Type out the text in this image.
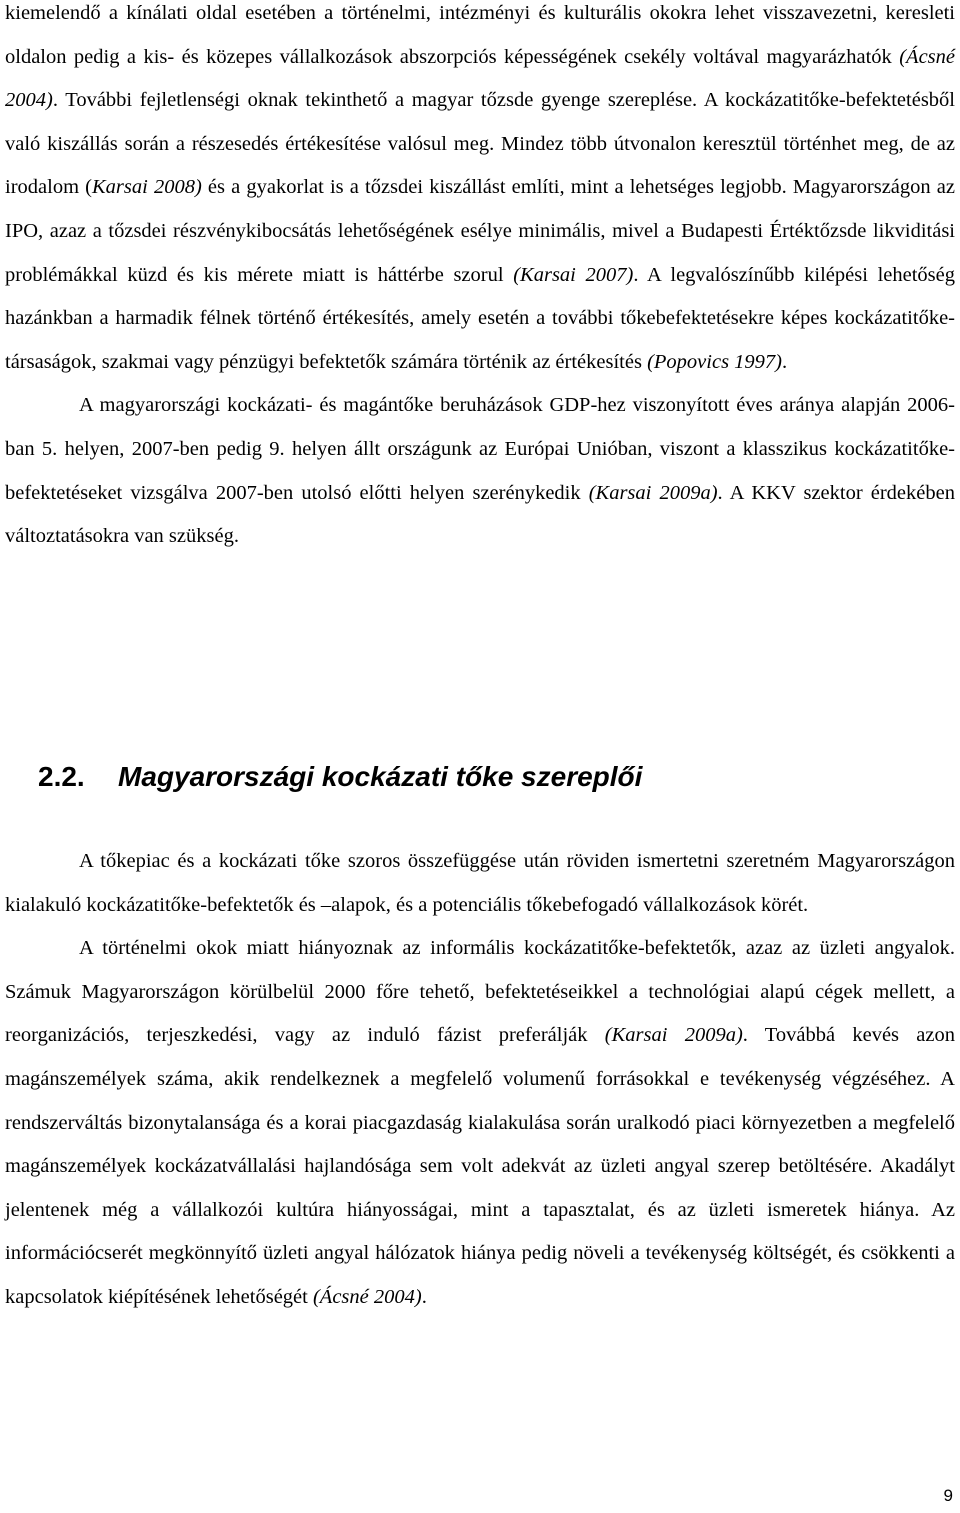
kiemelendő a kínálati oldal esetében a történelmi, intézményi és kulturális okokra lehet visszavezetni, keresleti oldalon pedig a kis- és közepes vállalkozások abszorpciós képességének csekély voltával magyarázhatók (Ácsné 2004). További fejletlenségi oknak tekinthető a magyar tőzsde gyenge szereplése. A kockázatitőke-befektetésből való kiszállás során a részesedés értékesítése valósul meg. Mindez több útvonalon keresztül történhet meg, de az irodalom (Karsai 2008) és a gyakorlat is a tőzsdei kiszállást említi, mint a lehetséges legjobb. Magyarországon az IPO, azaz a tőzsdei részvénykibocsátás lehetőségének esélye minimális, mivel a Budapesti Értéktőzsde likviditási problémákkal küzd és kis mérete miatt is háttérbe szorul (Karsai 2007). A legvalószínűbb kilépési lehetőség hazánkban a harmadik félnek történő értékesítés, amely esetén a további tőkebefektetésekre képes kockázatitőke-társaságok, szakmai vagy pénzügyi befektetők számára történik az értékesítés (Popovics 1997).

A magyarországi kockázati- és magántőke beruházások GDP-hez viszonyított éves aránya alapján 2006-ban 5. helyen, 2007-ben pedig 9. helyen állt országunk az Európai Unióban, viszont a klasszikus kockázatitőke-befektetéseket vizsgálva 2007-ben utolsó előtti helyen szerénykedik (Karsai 2009a). A KKV szektor érdekében változtatásokra van szükség.

2.2. Magyarországi kockázati tőke szereplői

A tőkepiac és a kockázati tőke szoros összefüggése után röviden ismertetni szeretném Magyarországon kialakuló kockázatitőke-befektetők és –alapok, és a potenciális tőkebefogadó vállalkozások körét.

A történelmi okok miatt hiányoznak az informális kockázatitőke-befektetők, azaz az üzleti angyalok. Számuk Magyarországon körülbelül 2000 főre tehető, befektetéseikkel a technológiai alapú cégek mellett, a reorganizációs, terjeszkedési, vagy az induló fázist preferálják (Karsai 2009a). Továbbá kevés azon magánszemélyek száma, akik rendelkeznek a megfelelő volumenű forrásokkal e tevékenység végzéséhez. A rendszerváltás bizonytalansága és a korai piacgazdaság kialakulása során uralkodó piaci környezetben a megfelelő magánszemélyek kockázatvállalási hajlandósága sem volt adekvát az üzleti angyal szerep betöltésére. Akadályt jelentenek még a vállalkozói kultúra hiányosságai, mint a tapasztalat, és az üzleti ismeretek hiánya. Az információcserét megkönnyítő üzleti angyal hálózatok hiánya pedig növeli a tevékenység költségét, és csökkenti a kapcsolatok kiépítésének lehetőségét (Ácsné 2004).

9
